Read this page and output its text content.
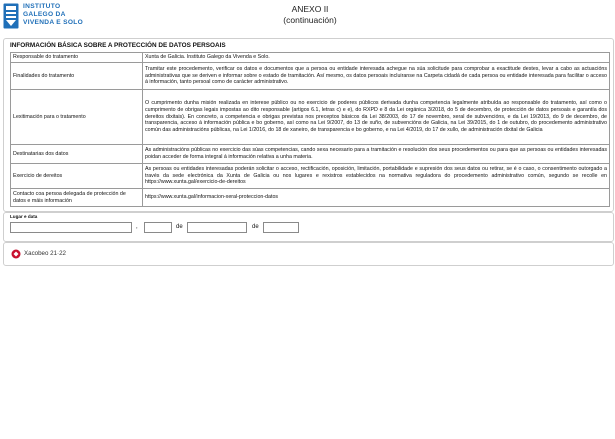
INSTITUTO
GALEGO DA
VIVENDA E SOLO
ANEXO II
(continuación)
INFORMACIÓN BÁSICA SOBRE A PROTECCIÓN DE DATOS PERSOAIS
Responsable do tratamento	Xunta de Galicia. Instituto Galego da Vivenda e Solo.
Finalidades do tratamento	Tramitar este procedemento, verificar os datos e documentos que a persoa ou entidade interesada achegue na súa solicitude para comprobar a exactitude destes, levar a cabo as actuacións administrativas que se deriven e informar sobre o estado de tramitación. Así mesmo, os datos persoais incluiranse na Carpeta cidadá de cada persoa ou entidade interesada para facilitar o acceso á información, tanto persoal como de carácter administrativo.
Lexitimación para o tratamento	O cumprimento dunha misión realizada en interese público ou no exercicio de poderes públicos derivada dunha competencia legalmente atribuída ao responsable do tratamento, así como o cumprimento de obrigas legais impostas ao dito responsable (artigos 6.1, letras c) e e), do RXPD e 8 da Lei orgánica 3/2018, do 5 de decembro, de protección de datos persoais e garantía dos dereitos dixitais). En concreto, a competencia e obrigas previstas nos preceptos básicos da Lei 38/2003, do 17 de novembro, xeral de subvencións, e da Lei 19/2013, do 9 de decembro, de transparencia, acceso á información pública e bo goberno, así como na Lei 9/2007, do 13 de xuño, de subvencións de Galicia, na Lei 39/2015, do 1 de outubro, do procedemento administrativo común das administracións públicas, na Lei 1/2016, do 18 de xaneiro, de transparencia e bo goberno, e na Lei 4/2019, do 17 de xullo, de administración dixital de Galicia
Destinatarias dos datos	As administracións públicas no exercicio das súas competencias, cando sexa necesario para a tramitación e resolución dos seus procedementos ou para que as persoas ou entidades interesadas poidan acceder de forma integral á información relativa a unha materia.
Exercicio de dereitos	As persoas ou entidades interesadas poderán solicitar o acceso, rectificación, oposición, limitación, portabilidade e supresión dos seus datos ou retirar, se é o caso, o consentimento outorgado a través da sede electrónica da Xunta de Galicia ou nos lugares e rexistros establecidos na normativa reguladora do procedemento administrativo común, segundo se recolle en https://www.xunta.gal/exercicio-de-dereitos
Contacto coa persoa delegada de protección de datos e máis información	https://www.xunta.gal/informacion-xeral-proteccion-datos
Lugar e data
,	de	de
Xacobeo 21·22
